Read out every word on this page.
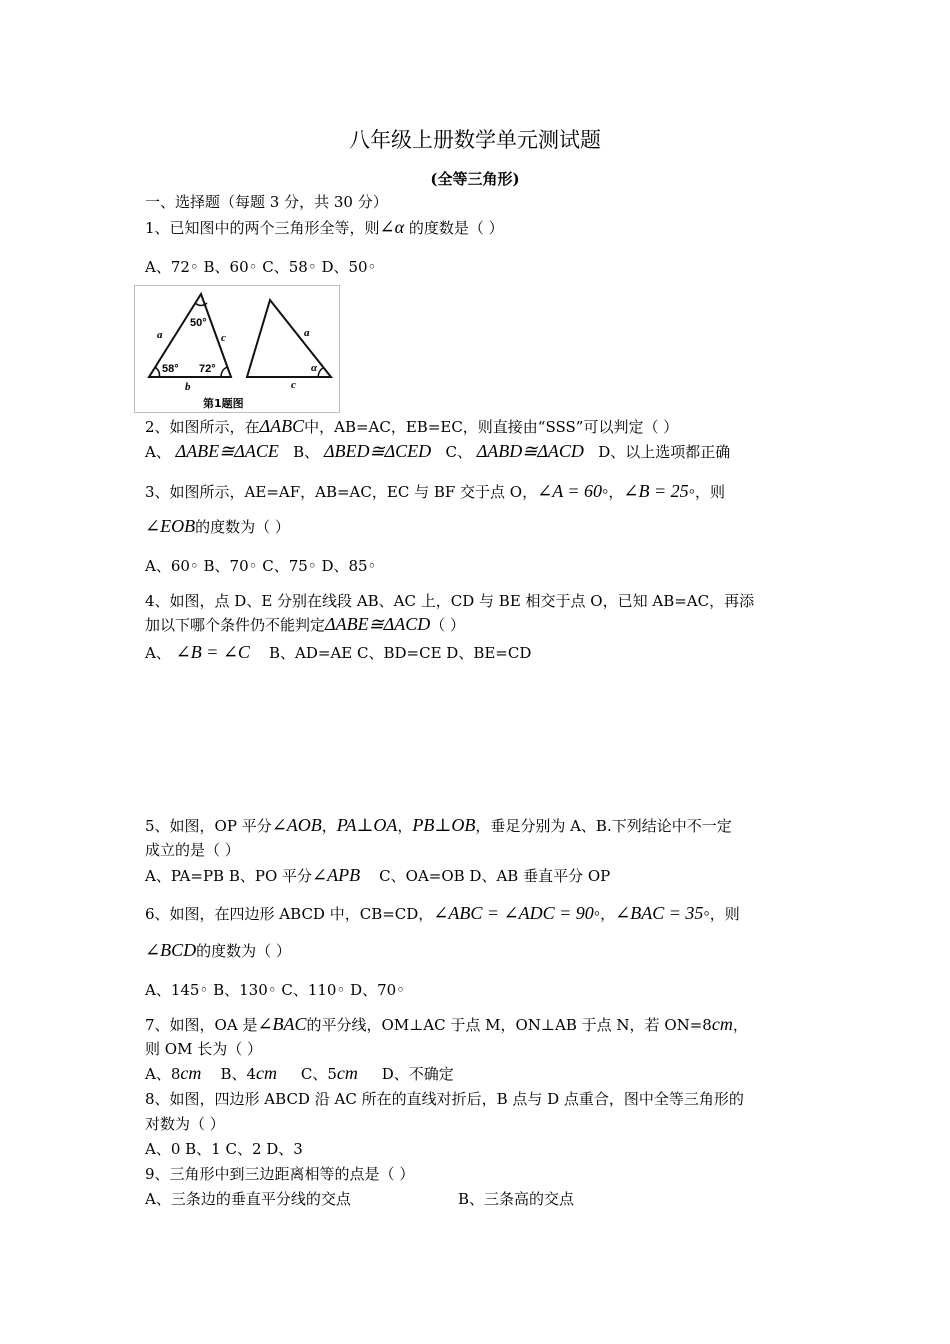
八年级上册数学单元测试题
(全等三角形)
一、选择题（每题 3 分，共 30 分）
1、已知图中的两个三角形全等，则∠α 的度数是（ ）
A、72◦ B、60◦ C、58◦ D、50◦
50°
58° 72°
a	c
b
a
α
c
第1题图
2、如图所示，在ΔABC中，AB=AC，EB=EC，则直接由“SSS”可以判定（ ）
A、 ΔABE≅ΔACE B、 ΔBED≅ΔCED C、 ΔABD≅ΔACD D、以上选项都正确
3、如图所示，AE=AF，AB=AC，EC 与 BF 交于点 O，∠A = 60◦，∠B = 25◦，则
∠EOB的度数为（ ）
A、60◦ B、70◦ C、75◦ D、85◦
4、如图，点 D、E 分别在线段 AB、AC 上，CD 与 BE 相交于点 O，已知 AB=AC，再添
加以下哪个条件仍不能判定ΔABE≅ΔACD（ ）
A、 ∠B = ∠C B、AD=AE C、BD=CE D、BE=CD
5、如图，OP 平分∠AOB，PA⊥OA，PB⊥OB，垂足分别为 A、B.下列结论中不一定
成立的是（ ）
A、PA=PB B、PO 平分∠APB C、OA=OB D、AB 垂直平分 OP
6、如图，在四边形 ABCD 中，CB=CD，∠ABC = ∠ADC = 90◦，∠BAC = 35◦，则
∠BCD的度数为（ ）
A、145◦ B、130◦ C、110◦ D、70◦
7、如图，OA 是∠BAC的平分线，OM⊥AC 于点 M，ON⊥AB 于点 N，若 ON=8cm，
则 OM 长为（ ）
A、8cm B、4cm C、5cm D、不确定
8、如图，四边形 ABCD 沿 AC 所在的直线对折后，B 点与 D 点重合，图中全等三角形的
对数为（ ）
A、0 B、1 C、2 D、3
9、三角形中到三边距离相等的点是（ ）
A、三条边的垂直平分线的交点	B、三条高的交点
